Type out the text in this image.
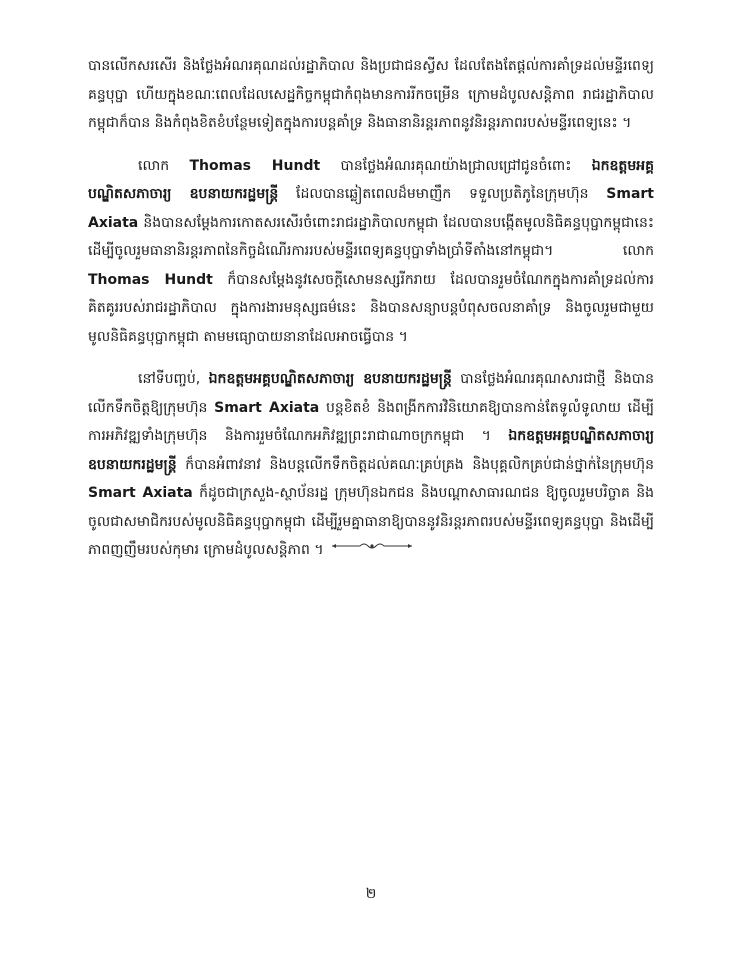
បានលើកសរសើរ និងថ្លែងអំណរគុណដល់រដ្ឋាភិបាល និងប្រជាជនស្វីស ដែលតែងតែផ្ដល់ការគាំទ្រដល់មន្ទីរពេទ្យគន្ធបុប្ផា ហើយក្នុងខណៈពេលដែលសេដ្ឋកិច្ចកម្ពុជាកំពុងមានការរីកចម្រើន ក្រោមដំបូលសន្តិភាព រាជរដ្ឋាភិបាលកម្ពុជាក៏បាន និងកំពុងខិតខំបន្ថែមទៀតក្នុងការបន្តគាំទ្រ និងធានានិរន្តរភាពនូវនិរន្តរភាពរបស់មន្ទីរពេទ្យនេះ ។

លោក Thomas Hundt បានថ្លែងអំណរគុណយ៉ាងជ្រាលជ្រៅជូនចំពោះ ឯកឧត្តមអគ្គបណ្ឌិតសភាចារ្យ ឧបនាយករដ្ឋមន្ត្រី ដែលបានឆ្លៀតពេលដ៏មមាញឹក ទទួលប្រតិភូនៃក្រុមហ៊ុន Smart Axiata និងបានសម្ដែងការកោតសរសើរចំពោះរាជរដ្ឋាភិបាលកម្ពុជា ដែលបានបង្កើតមូលនិធិគន្ធបុប្ផាកម្ពុជានេះ ដើម្បីចូលរួមធានានិរន្តរភាពនៃកិច្ចដំណើរការរបស់មន្ទីរពេទ្យគន្ធបុប្ផាទាំងប្រាំទីតាំងនៅកម្ពុជា។ លោក Thomas Hundt ក៏បានសម្ដែងនូវសេចក្ដីសោមនស្សរីករាយ ដែលបានរួមចំណែកក្នុងការគាំទ្រដល់ការគិតគូររបស់រាជរដ្ឋាភិបាល ក្នុងការងារមនុស្សធម៌នេះ និងបានសន្យាបន្តបំពុសចលនាគាំទ្រ និងចូលរួមជាមួយមូលនិធិគន្ធបុប្ផាកម្ពុជា តាមមធ្យោបាយនានាដែលអាចធ្វើបាន ។

នៅទីបញ្ចប់, ឯកឧត្តមអគ្គបណ្ឌិតសភាចារ្យ ឧបនាយករដ្ឋមន្ត្រី បានថ្លែងអំណរគុណសារជាថ្មី និងបានលើកទឹកចិត្តឱ្យក្រុមហ៊ុន Smart Axiata បន្តខិតខំ និងពង្រីកការវិនិយោគឱ្យបានកាន់តែទូលំទូលាយ ដើម្បីការអភិវឌ្ឍទាំងក្រុមហ៊ុន និងការរួមចំណែកអភិវឌ្ឍព្រះរាជាណាចក្រកម្ពុជា ។ ឯកឧត្តមអគ្គបណ្ឌិតសភាចារ្យ ឧបនាយករដ្ឋមន្ត្រី ក៏បានអំពាវនាវ និងបន្តលើកទឹកចិត្តដល់គណៈគ្រប់គ្រង និងបុគ្គលិកគ្រប់ជាន់ថ្នាក់នៃក្រុមហ៊ុន Smart Axiata ក៏ដូចជាក្រសួង-ស្ថាប័នរដ្ឋ ក្រុមហ៊ុនឯកជន និងបណ្ដាសាធារណជន ឱ្យចូលរួមបរិច្ចាគ និងចូលជាសមាជិករបស់មូលនិធិគន្ធបុប្ផាកម្ពុជា ដើម្បីរួមគ្នាធានាឱ្យបាននូវនិរន្តរភាពរបស់មន្ទីរពេទ្យគន្ធបុប្ផា និងដើម្បីភាពញញឹមរបស់កុមារ ក្រោមដំបូលសន្តិភាព ។

២
